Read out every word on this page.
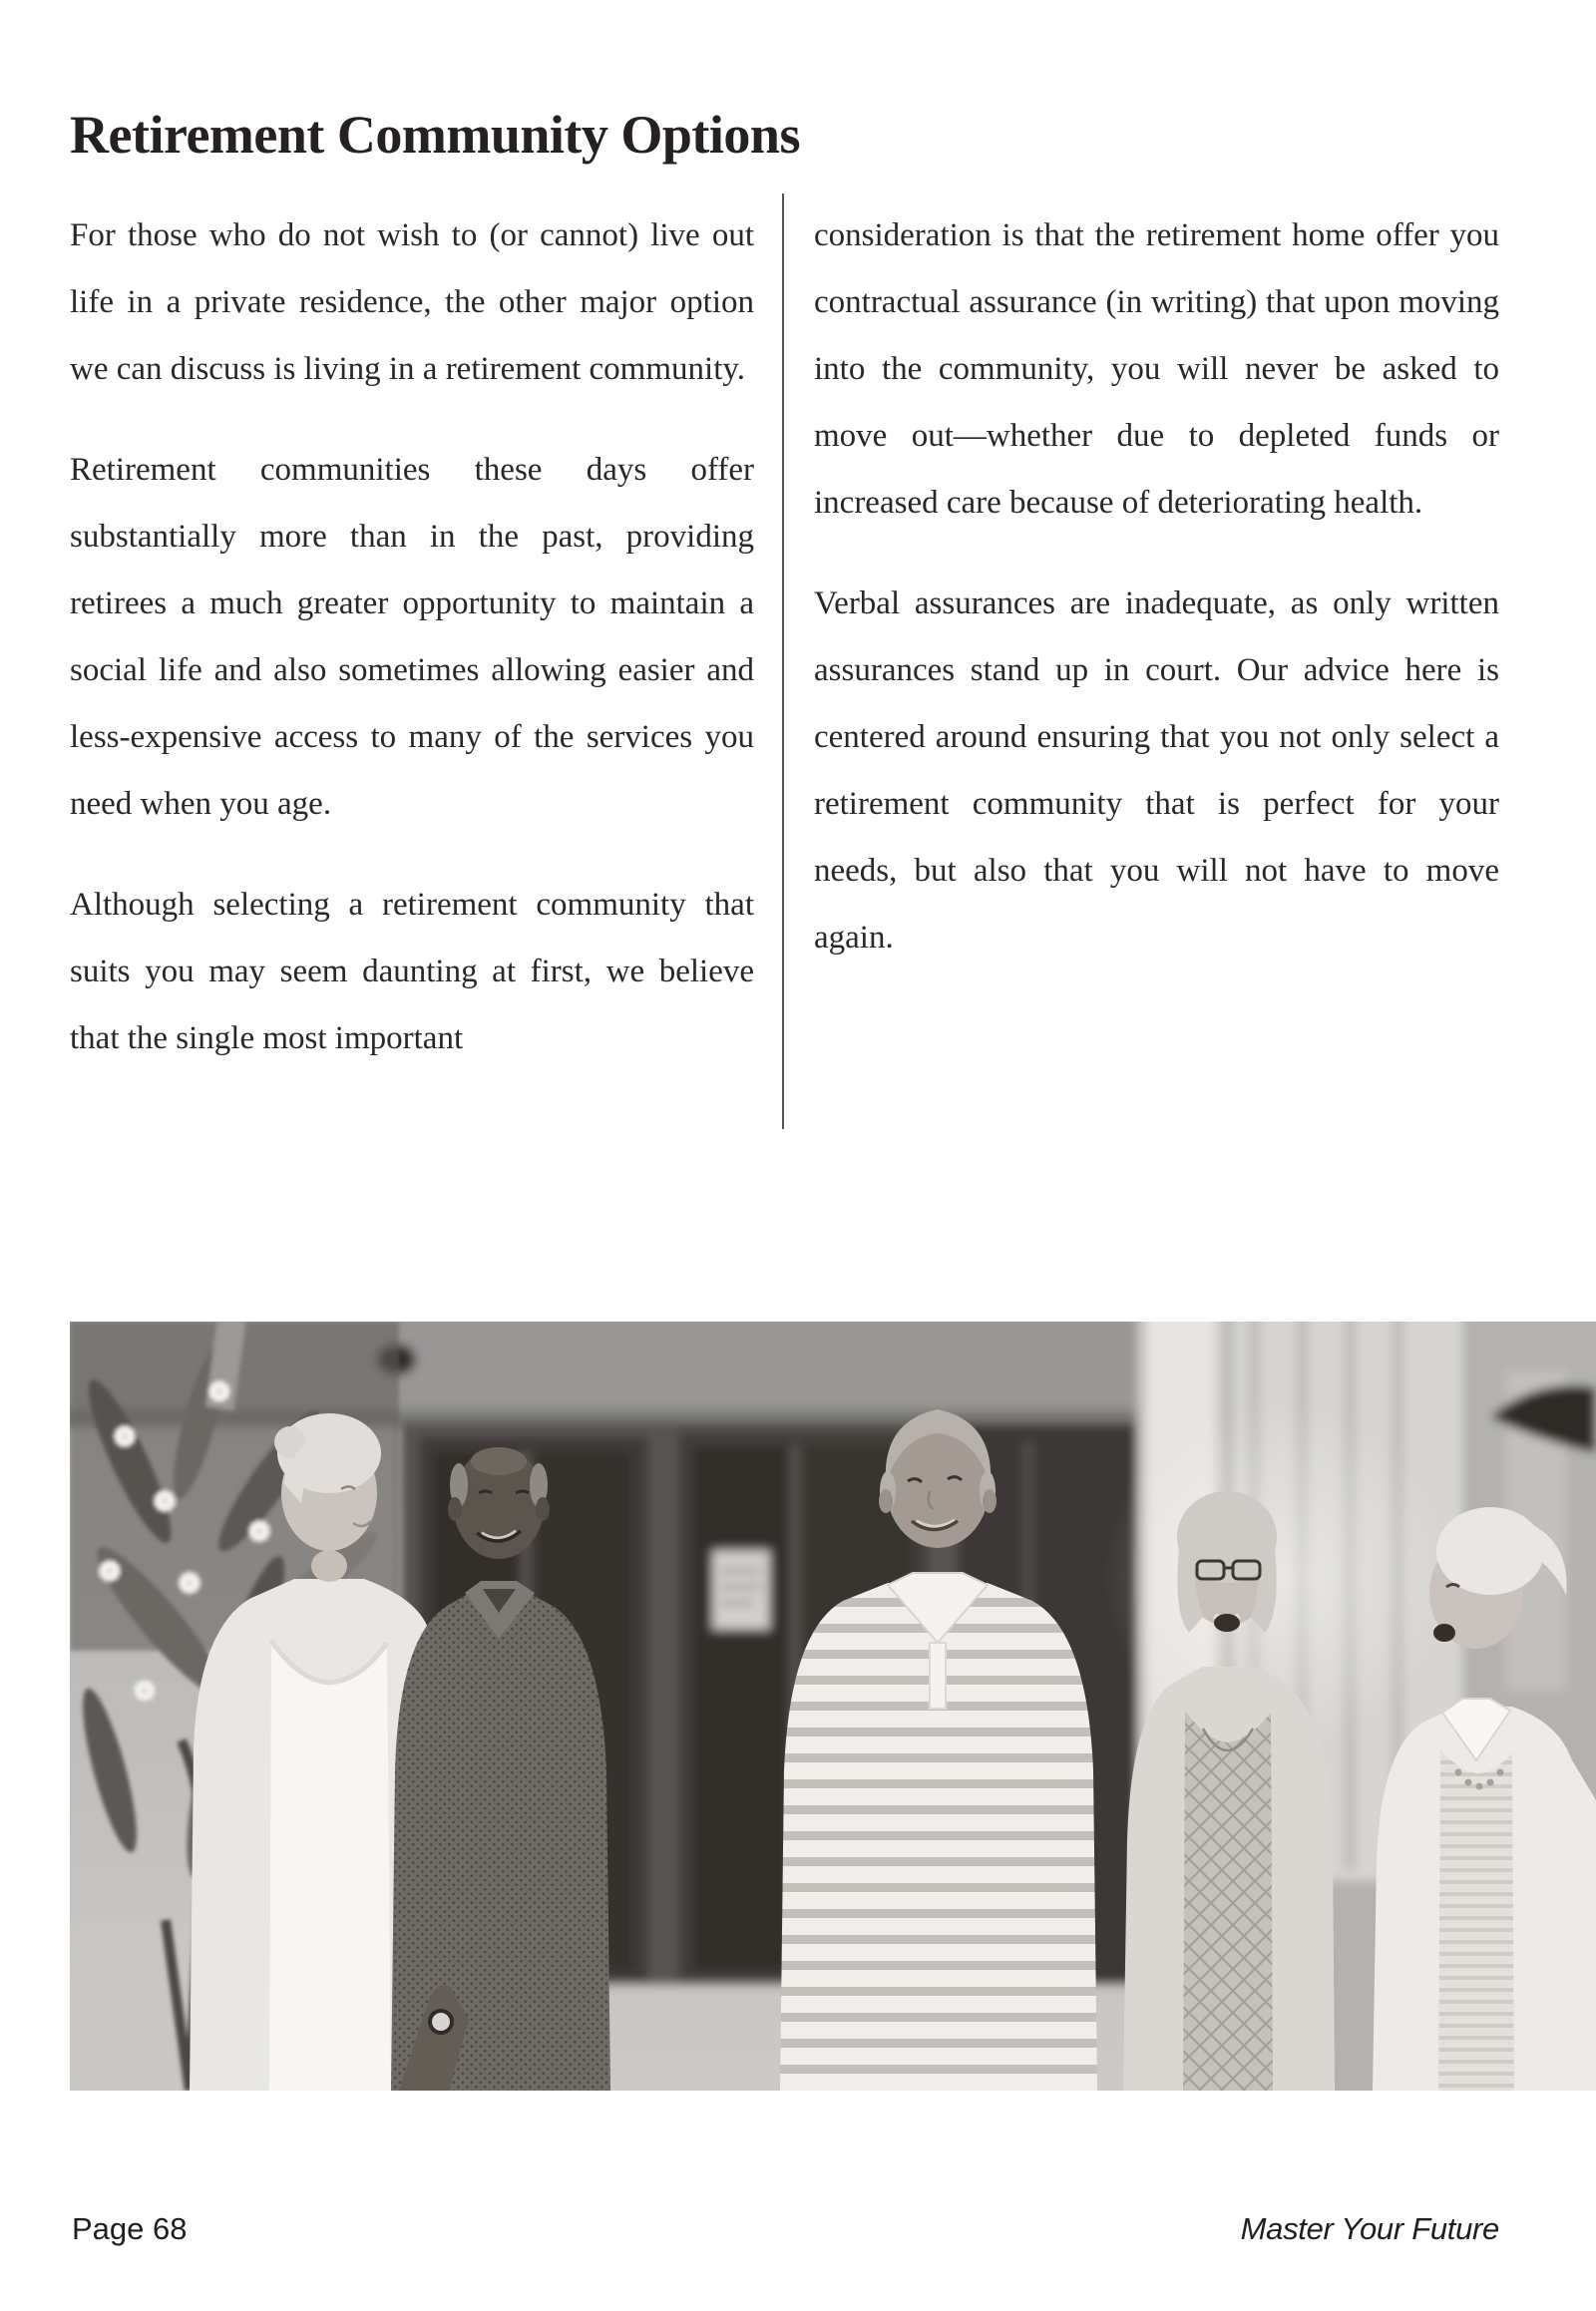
Retirement Community Options

For those who do not wish to (or cannot) live out life in a private residence, the other major option we can discuss is living in a retirement community.

Retirement communities these days offer substantially more than in the past, providing retirees a much greater opportunity to maintain a social life and also sometimes allowing easier and less-expensive access to many of the services you need when you age.

Although selecting a retirement community that suits you may seem daunting at first, we believe that the single most important

consideration is that the retirement home offer you contractual assurance (in writing) that upon moving into the community, you will never be asked to move out—whether due to depleted funds or increased care because of deteriorating health.

Verbal assurances are inadequate, as only written assurances stand up in court. Our advice here is centered around ensuring that you not only select a retirement community that is perfect for your needs, but also that you will not have to move again.

Page 68	Master Your Future
